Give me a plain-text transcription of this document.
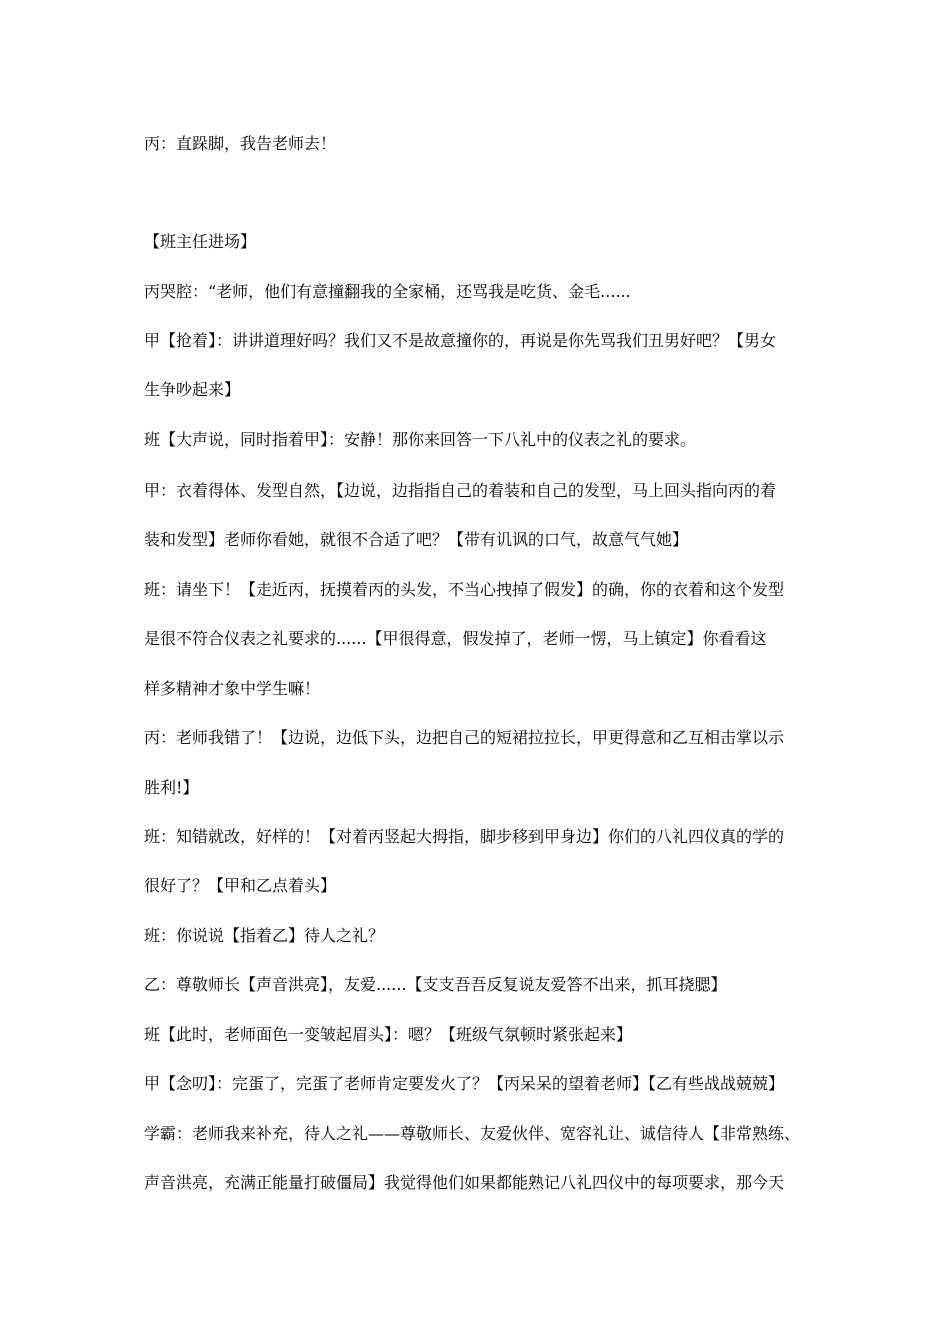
丙：直跺脚，我告老师去！
【班主任进场】
丙哭腔：“老师，他们有意撞翻我的全家桶，还骂我是吃货、金毛......
甲【抢着】：讲讲道理好吗？我们又不是故意撞你的，再说是你先骂我们丑男好吧？【男女
生争吵起来】
班【大声说，同时指着甲】：安静！那你来回答一下八礼中的仪表之礼的要求。
甲：衣着得体、发型自然，【边说，边指指自己的着装和自己的发型，马上回头指向丙的着
装和发型】老师你看她，就很不合适了吧？【带有讥讽的口气，故意气气她】
班：请坐下！【走近丙，抚摸着丙的头发，不当心拽掉了假发】的确，你的衣着和这个发型
是很不符合仪表之礼要求的......【甲很得意，假发掉了，老师一愣，马上镇定】你看看这
样多精神才象中学生嘛！
丙：老师我错了！【边说，边低下头，边把自己的短裙拉拉长，甲更得意和乙互相击掌以示
胜利!】
班：知错就改，好样的！【对着丙竖起大拇指，脚步移到甲身边】你们的八礼四仪真的学的
很好了？【甲和乙点着头】
班：你说说【指着乙】待人之礼？
乙：尊敬师长【声音洪亮】，友爱......【支支吾吾反复说友爱答不出来，抓耳挠腮】
班【此时，老师面色一变皱起眉头】：嗯？【班级气氛顿时紧张起来】
甲【念叨】：完蛋了，完蛋了老师肯定要发火了？【丙呆呆的望着老师】【乙有些战战兢兢】
学霸：老师我来补充，待人之礼——尊敬师长、友爱伙伴、宽容礼让、诚信待人【非常熟练、
声音洪亮，充满正能量打破僵局】我觉得他们如果都能熟记八礼四仪中的每项要求，那今天
